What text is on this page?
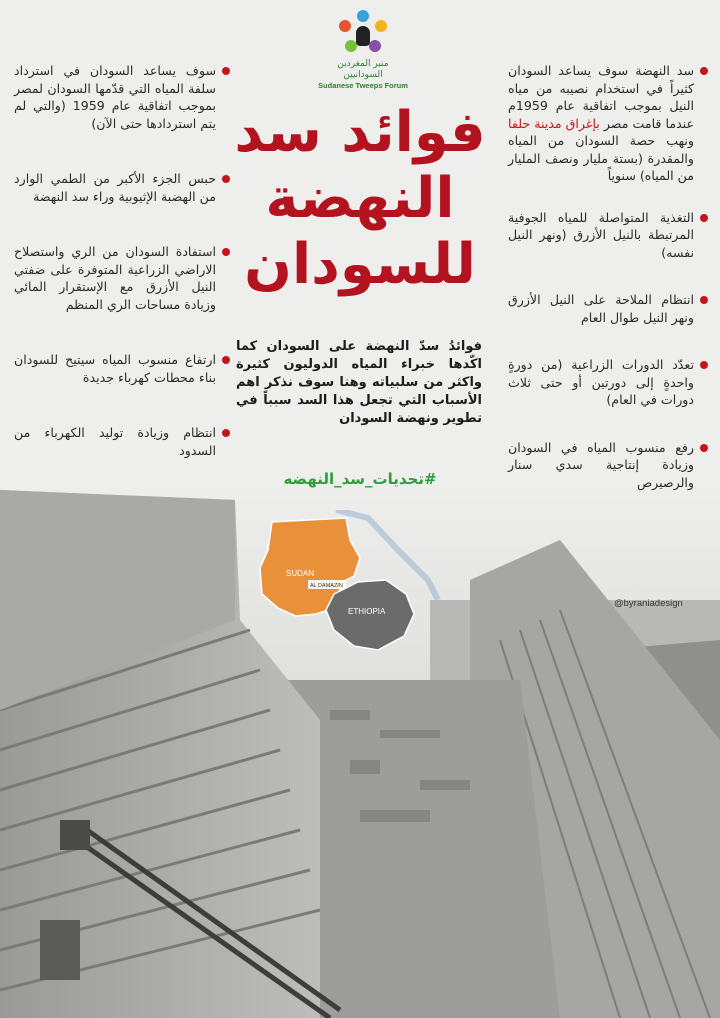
منبر المغردين السودانيين
Sudanese Tweeps Forum
فوائد سد
النهضة
للسودان
سد النهضة سوف يساعد السودان كثيراً في استخدام نصيبه من مياه النيل بموجب اتفاقية عام 1959م عندما قامت مصر بإغراق مدينة حلفا ونهب حصة السودان من المياه والمقدرة (بستة مليار ونصف المليار من المياه) سنوياً
التغذية المتواصلة للمياه الجوفية المرتبطة بالنيل الأزرق (ونهر النيل نفسه)
انتظام الملاحة على النيل الأزرق ونهر النيل طوال العام
تعدّد الدورات الزراعية (من دورةٍ واحدةٍ إلى دورتين أو حتى ثلاث دورات في العام)
رفع منسوب المياه في السودان وزيادة إنتاجية سدي سنار والرصيرص
سوف يساعد السودان في استرداد سلفة المياه التي قدّمها السودان لمصر بموجب اتفاقية عام 1959 (والتي لم يتم استردادها حتى الآن)
حبس الجزء الأكبر من الطمي الوارد من الهضبة الإثيوبية وراء سد النهضة
استفادة السودان من الري واستصلاح الاراضي الزراعية المتوفرة على ضفتي النيل الأزرق مع الإستقرار المائي وزيادة مساحات الري المنظم
ارتفاع منسوب المياه سيتيح للسودان بناء محطات كهرباء جديدة
انتظام وزيادة توليد الكهرباء من السدود
فوائدُ سدّ النهضة على السودان كما اكّدها خبراء المياه الدوليون كثيرة واكثر من سلبياته وهنا سوف نذكر اهم الأسباب التي تجعل هذا السد سبباً في تطوير ونهضة السودان
#تحديات_سد_النهضه
SUDAN
AL DAMAZIN
ETHIOPIA
@byraniadesign
